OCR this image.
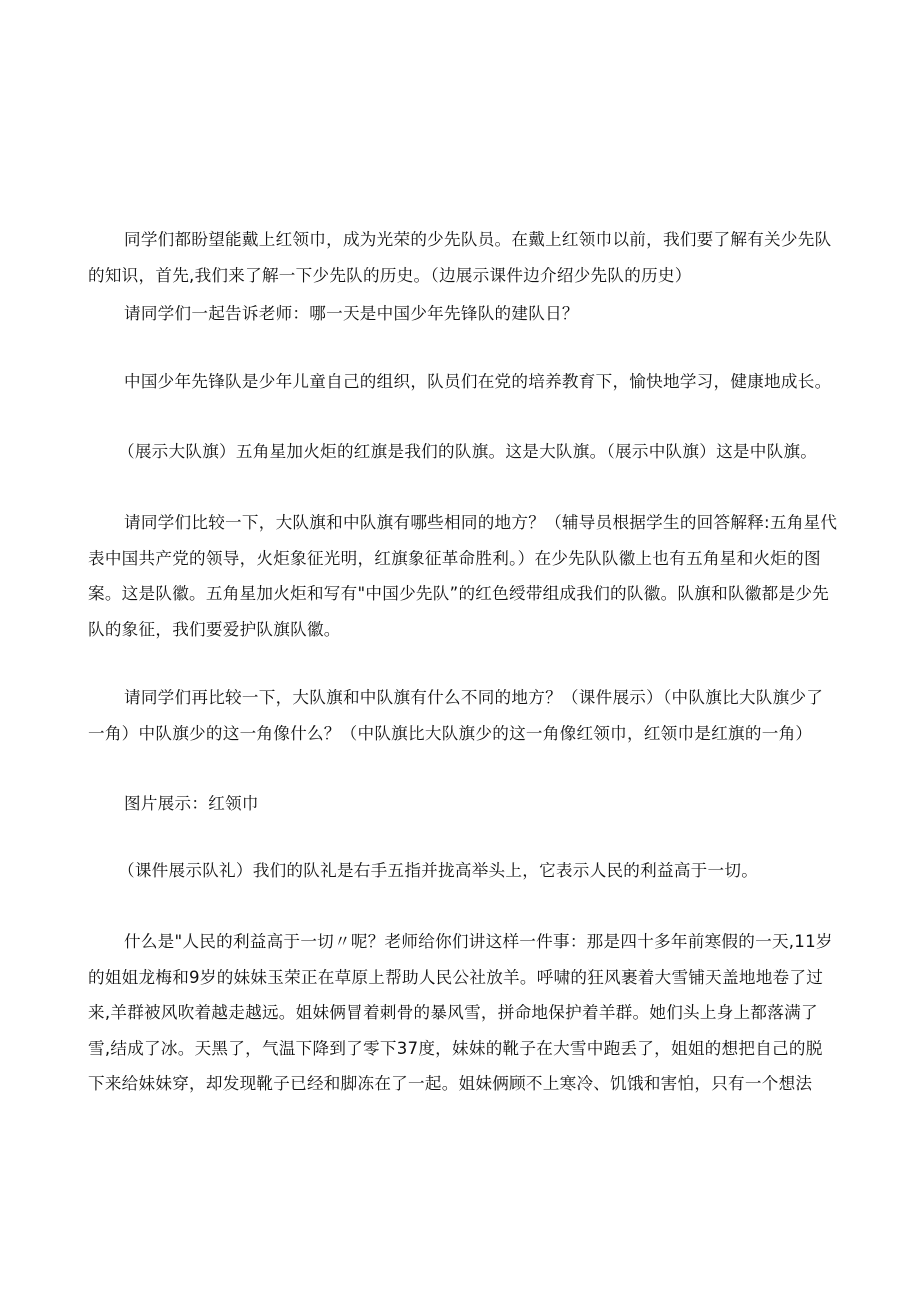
同学们都盼望能戴上红领巾，成为光荣的少先队员。在戴上红领巾以前，我们要了解有关少先队的知识，首先,我们来了解一下少先队的历史。（边展示课件边介绍少先队的历史）

请同学们一起告诉老师：哪一天是中国少年先锋队的建队日？

中国少年先锋队是少年儿童自己的组织，队员们在党的培养教育下，愉快地学习，健康地成长。

（展示大队旗）五角星加火炬的红旗是我们的队旗。这是大队旗。（展示中队旗）这是中队旗。

请同学们比较一下，大队旗和中队旗有哪些相同的地方？（辅导员根据学生的回答解释:五角星代表中国共产党的领导，火炬象征光明，红旗象征革命胜利。）在少先队队徽上也有五角星和火炬的图案。这是队徽。五角星加火炬和写有"中国少先队”的红色绶带组成我们的队徽。队旗和队徽都是少先队的象征，我们要爱护队旗队徽。

请同学们再比较一下，大队旗和中队旗有什么不同的地方？（课件展示）（中队旗比大队旗少了一角）中队旗少的这一角像什么？（中队旗比大队旗少的这一角像红领巾，红领巾是红旗的一角）

图片展示：红领巾

（课件展示队礼）我们的队礼是右手五指并拢高举头上，它表示人民的利益高于一切。

什么是"人民的利益高于一切〃呢？老师给你们讲这样一件事：那是四十多年前寒假的一天,11岁的姐姐龙梅和9岁的妹妹玉荣正在草原上帮助人民公社放羊。呼啸的狂风裹着大雪铺天盖地地卷了过来,羊群被风吹着越走越远。姐妹俩冒着刺骨的暴风雪，拼命地保护着羊群。她们头上身上都落满了雪,结成了冰。天黑了，气温下降到了零下37度，妹妹的靴子在大雪中跑丢了，姐姐的想把自己的脱下来给妹妹穿，却发现靴子已经和脚冻在了一起。姐妹俩顾不上寒冷、饥饿和害怕，只有一个想法
